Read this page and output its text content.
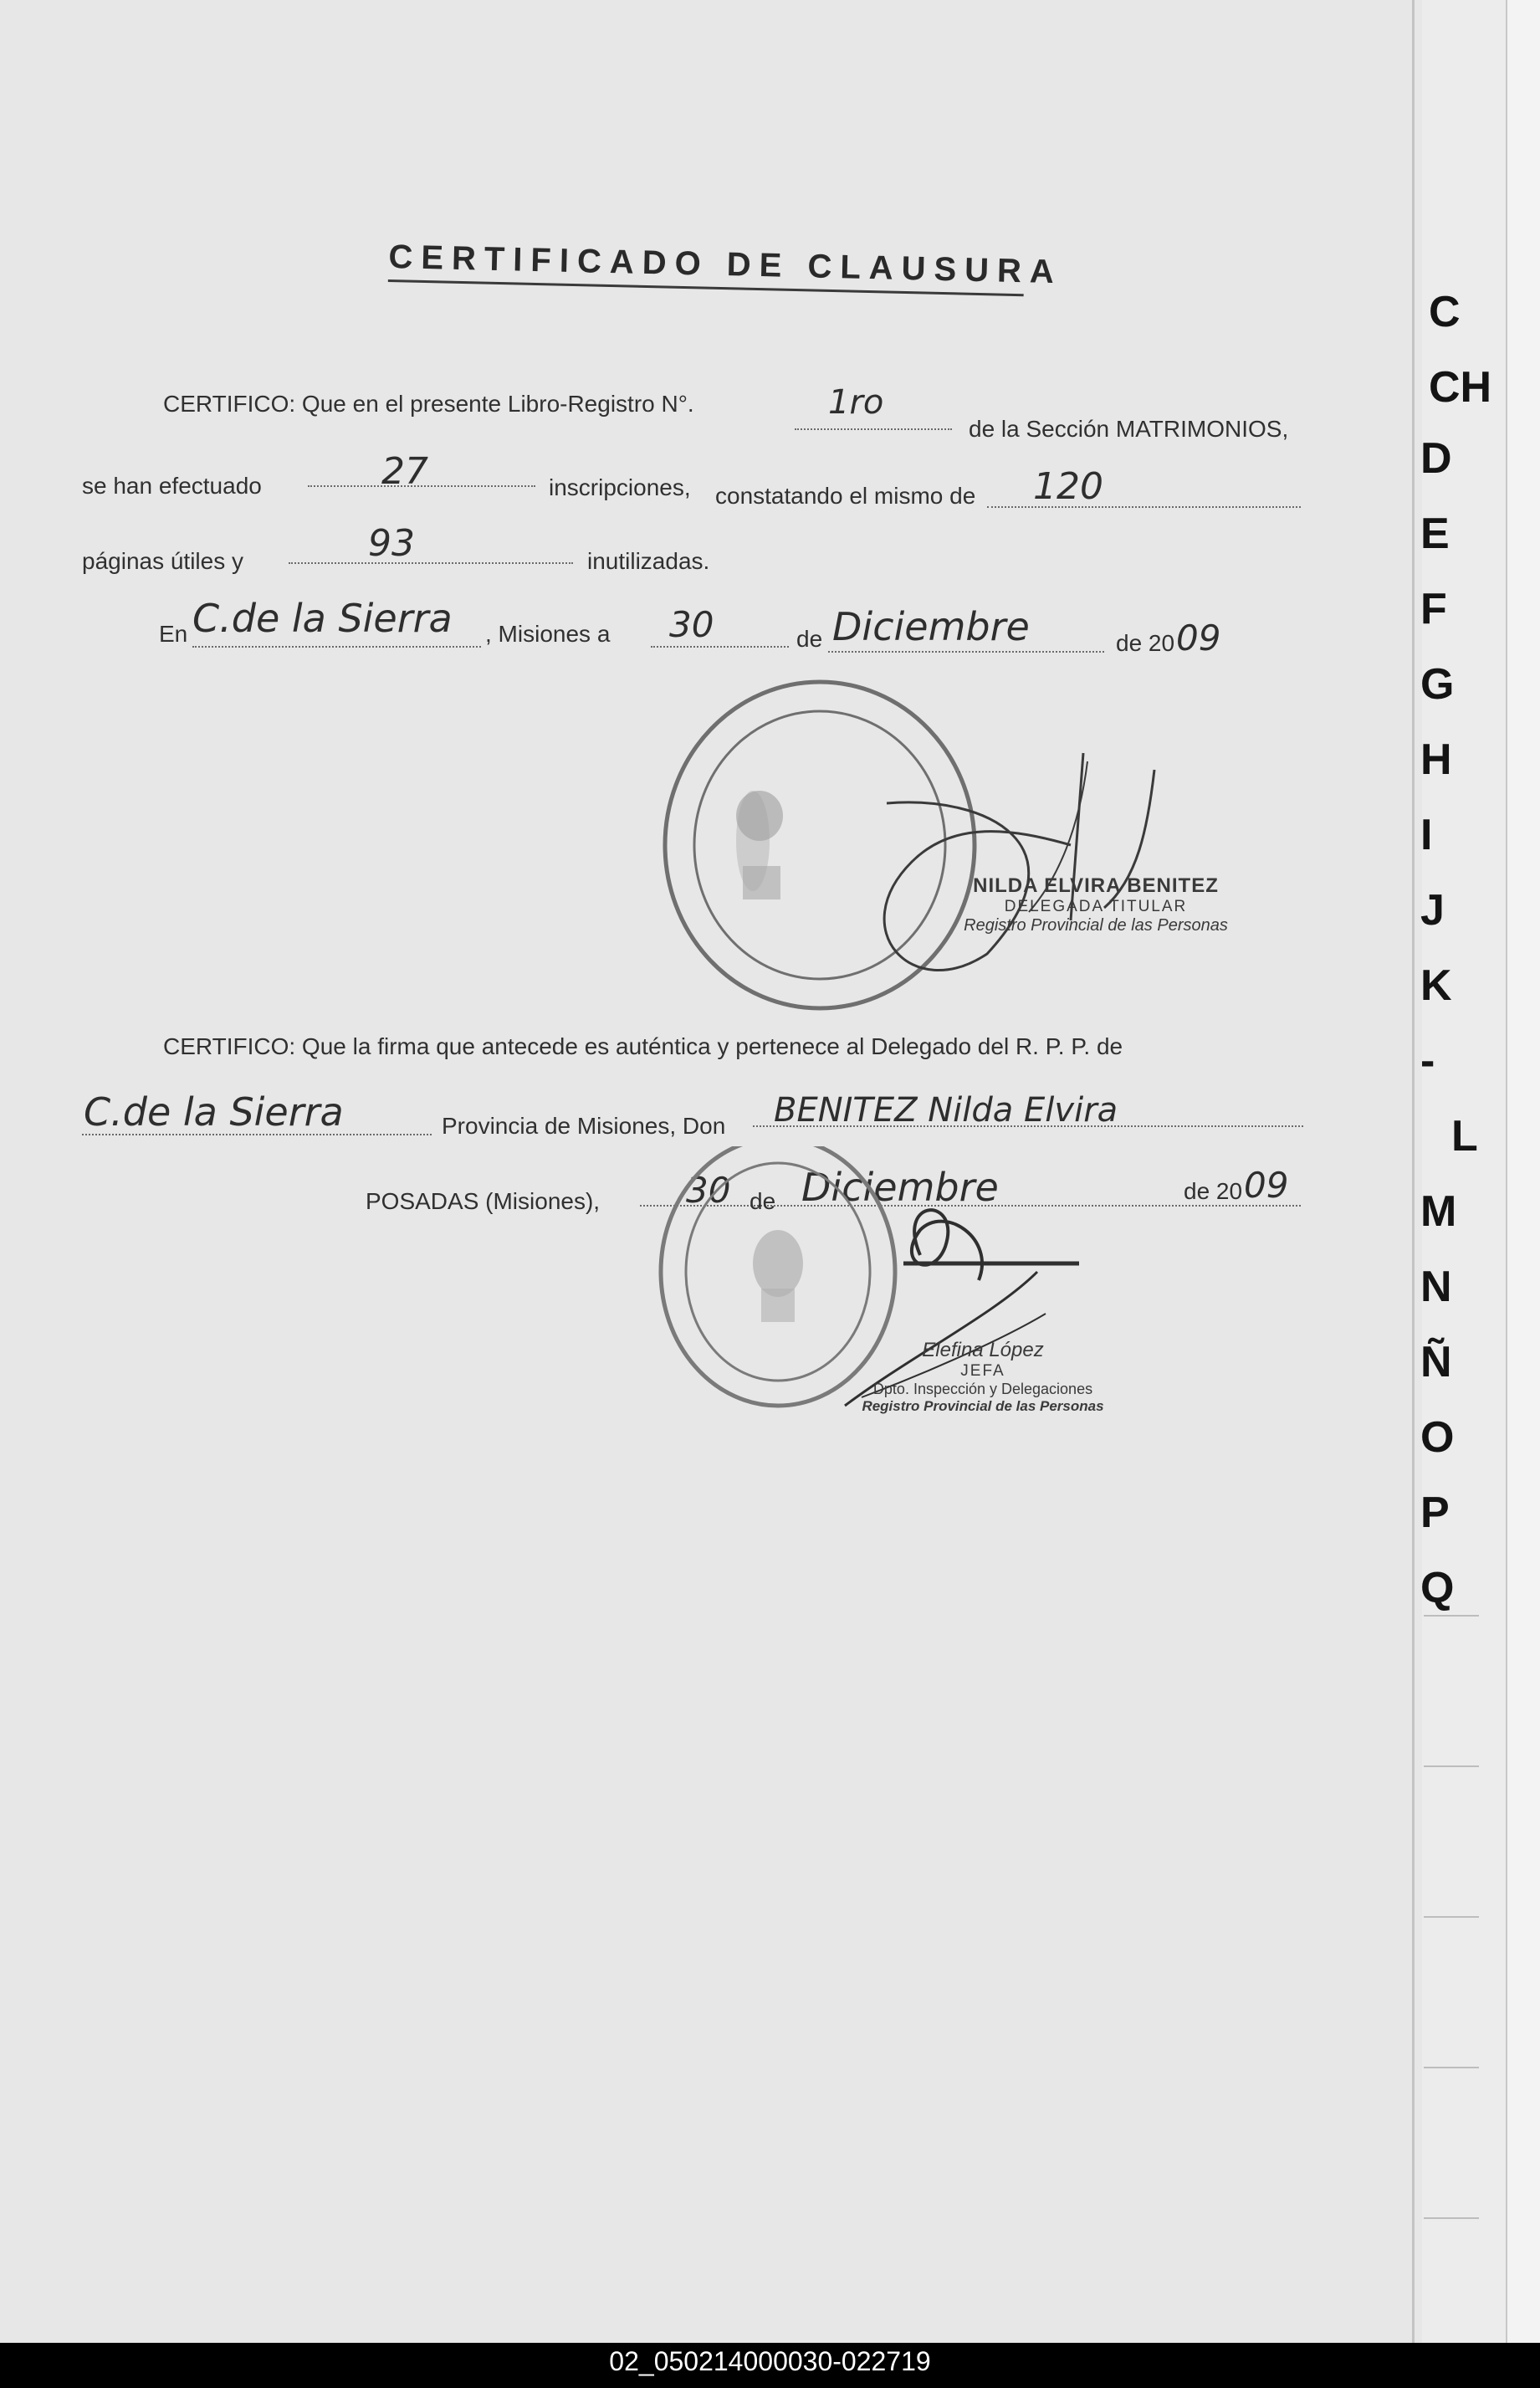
C
CH
D
E
F
G
H
I
J
K
-
L
M
N
Ñ
O
P
Q
CERTIFICADO DE CLAUSURA
CERTIFICO: Que en el presente Libro-Registro N°.	1ro
de la Sección MATRIMONIOS,
se han efectuado	27	inscripciones, constatando el mismo de 120
páginas útiles y	93	inutilizadas.
En C.de la Sierra , Misiones a 30	de Diciembre	de 20 09
NILDA ELVIRA BENITEZ
DELEGADA TITULAR
Registro Provincial de las Personas
CERTIFICO: Que la firma que antecede es auténtica y pertenece al Delegado del R. P. P. de
C.de la Sierra	Provincia de Misiones, Don BENITEZ Nilda Elvira
POSADAS (Misiones), 30 de Diciembre	de 20 09
Elefina López
JEFA
Dpto. Inspección y Delegaciones
Registro Provincial de las Personas
02_050214000030-022719
